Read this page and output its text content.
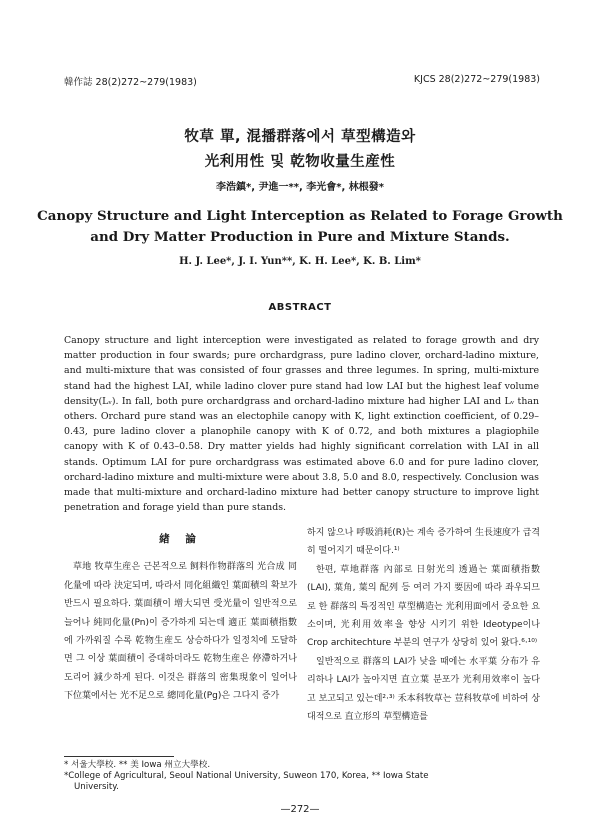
韓作誌 28(2)272~279(1983)	KJCS 28(2)272~279(1983)
牧草 單, 混播群落에서 草型構造와
光利用性 및 乾物收量生産性
李浩鎮*, 尹進一**, 李光會*, 林根發*
Canopy Structure and Light Interception as Related to Forage Growth
and Dry Matter Production in Pure and Mixture Stands.
H. J. Lee*, J. I. Yun**, K. H. Lee*, K. B. Lim*
ABSTRACT
Canopy structure and light interception were investigated as related to forage growth and dry matter production in four swards; pure orchardgrass, pure ladino clover, orchard-ladino mixture, and multi-mixture that was consisted of four grasses and three legumes. In spring, multi-mixture stand had the highest LAI, while ladino clover pure stand had low LAI but the highest leaf volume density(Lᵥ). In fall, both pure orchardgrass and orchard-ladino mixture had higher LAI and Lᵥ than others. Orchard pure stand was an electophile canopy with K, light extinction coefficient, of 0.29–0.43, pure ladino clover a planophile canopy with K of 0.72, and both mixtures a plagiophile canopy with K of 0.43–0.58. Dry matter yields had highly significant correlation with LAI in all stands. Optimum LAI for pure orchardgrass was estimated above 6.0 and for pure ladino clover, orchard-ladino mixture and multi-mixture were about 3.8, 5.0 and 8.0, respectively. Conclusion was made that multi-mixture and orchard-ladino mixture had better canopy structure to improve light penetration and forage yield than pure stands.
緖 論

草地 牧草生産은 근본적으로 飼料作物群落의 光合成 同化量에 따라 決定되며, 따라서 同化組織인 葉面積의 확보가 반드시 필요하다. 葉面積이 增大되면 受光量이 일반적으로 늘어나 純同化量(Pn)이 증가하게 되는데 適正 葉面積指數에 가까워질 수록 乾物生産도 상승하다가 일정치에 도달하면 그 이상 葉面積이 증대하더라도 乾物生産은 停滯하거나 도리어 減少하게 된다. 이것은 群落의 密集現象이 일어나 下位葉에서는 光不足으로 總同化量(Pg)은 그다지 증가

하지 않으나 呼吸消耗(R)는 계속 증가하여 生長速度가 급격히 떨어지기 때문이다.¹⁾

한편, 草地群落 內部로 日射光의 透過는 葉面積指數(LAI), 葉角, 葉의 配列 등 여러 가지 要因에 따라 좌우되므로 한 群落의 특징적인 草型構造는 光利用面에서 중요한 요소이며, 光利用效率을 향상 시키기 위한 Ideotype이나 Crop architechture 부분의 연구가 상당히 있어 왔다.⁶·¹⁰⁾

일반적으로 群落의 LAI가 낮을 때에는 水平葉 分布가 유리하나 LAI가 높아지면 直立葉 분포가 光利用效率이 높다고 보고되고 있는데²·³⁾ 禾本科牧草는 荳科牧草에 비하여 상대적으로 直立形의 草型構造를

* 서울大學校. ** 美 Iowa 州立大學校.
*College of Agricultural, Seoul National University, Suweon 170, Korea, ** Iowa State
University.
—272—
